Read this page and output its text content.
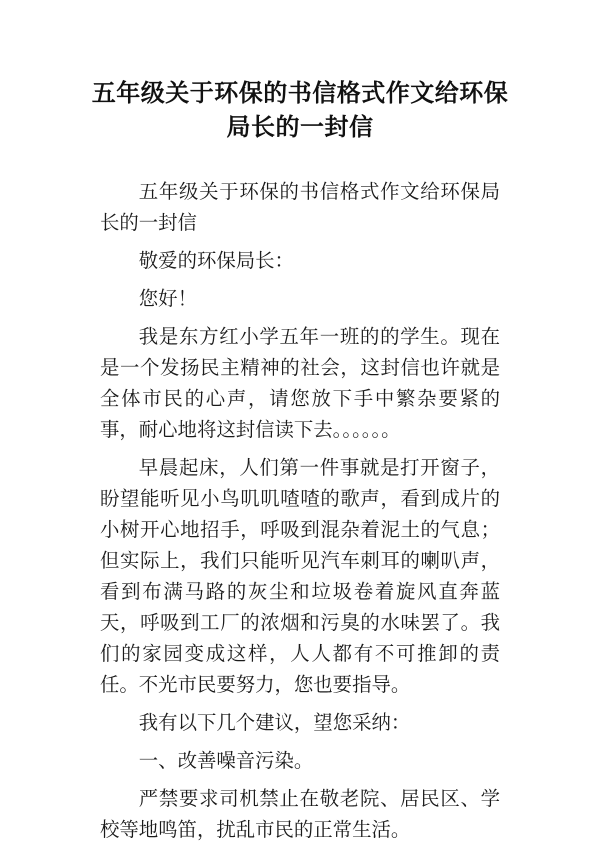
五年级关于环保的书信格式作文给环保局长的一封信

五年级关于环保的书信格式作文给环保局长的一封信

敬爱的环保局长：

您好！

我是东方红小学五年一班的的学生。现在是一个发扬民主精神的社会，这封信也许就是全体市民的心声，请您放下手中繁杂要紧的事，耐心地将这封信读下去。。。。。。

早晨起床，人们第一件事就是打开窗子，盼望能听见小鸟叽叽喳喳的歌声，看到成片的小树开心地招手，呼吸到混杂着泥土的气息；但实际上，我们只能听见汽车刺耳的喇叭声，看到布满马路的灰尘和垃圾卷着旋风直奔蓝天，呼吸到工厂的浓烟和污臭的水味罢了。我们的家园变成这样，人人都有不可推卸的责任。不光市民要努力，您也要指导。

我有以下几个建议，望您采纳：

一、改善噪音污染。

严禁要求司机禁止在敬老院、居民区、学校等地鸣笛，扰乱市民的正常生活。
